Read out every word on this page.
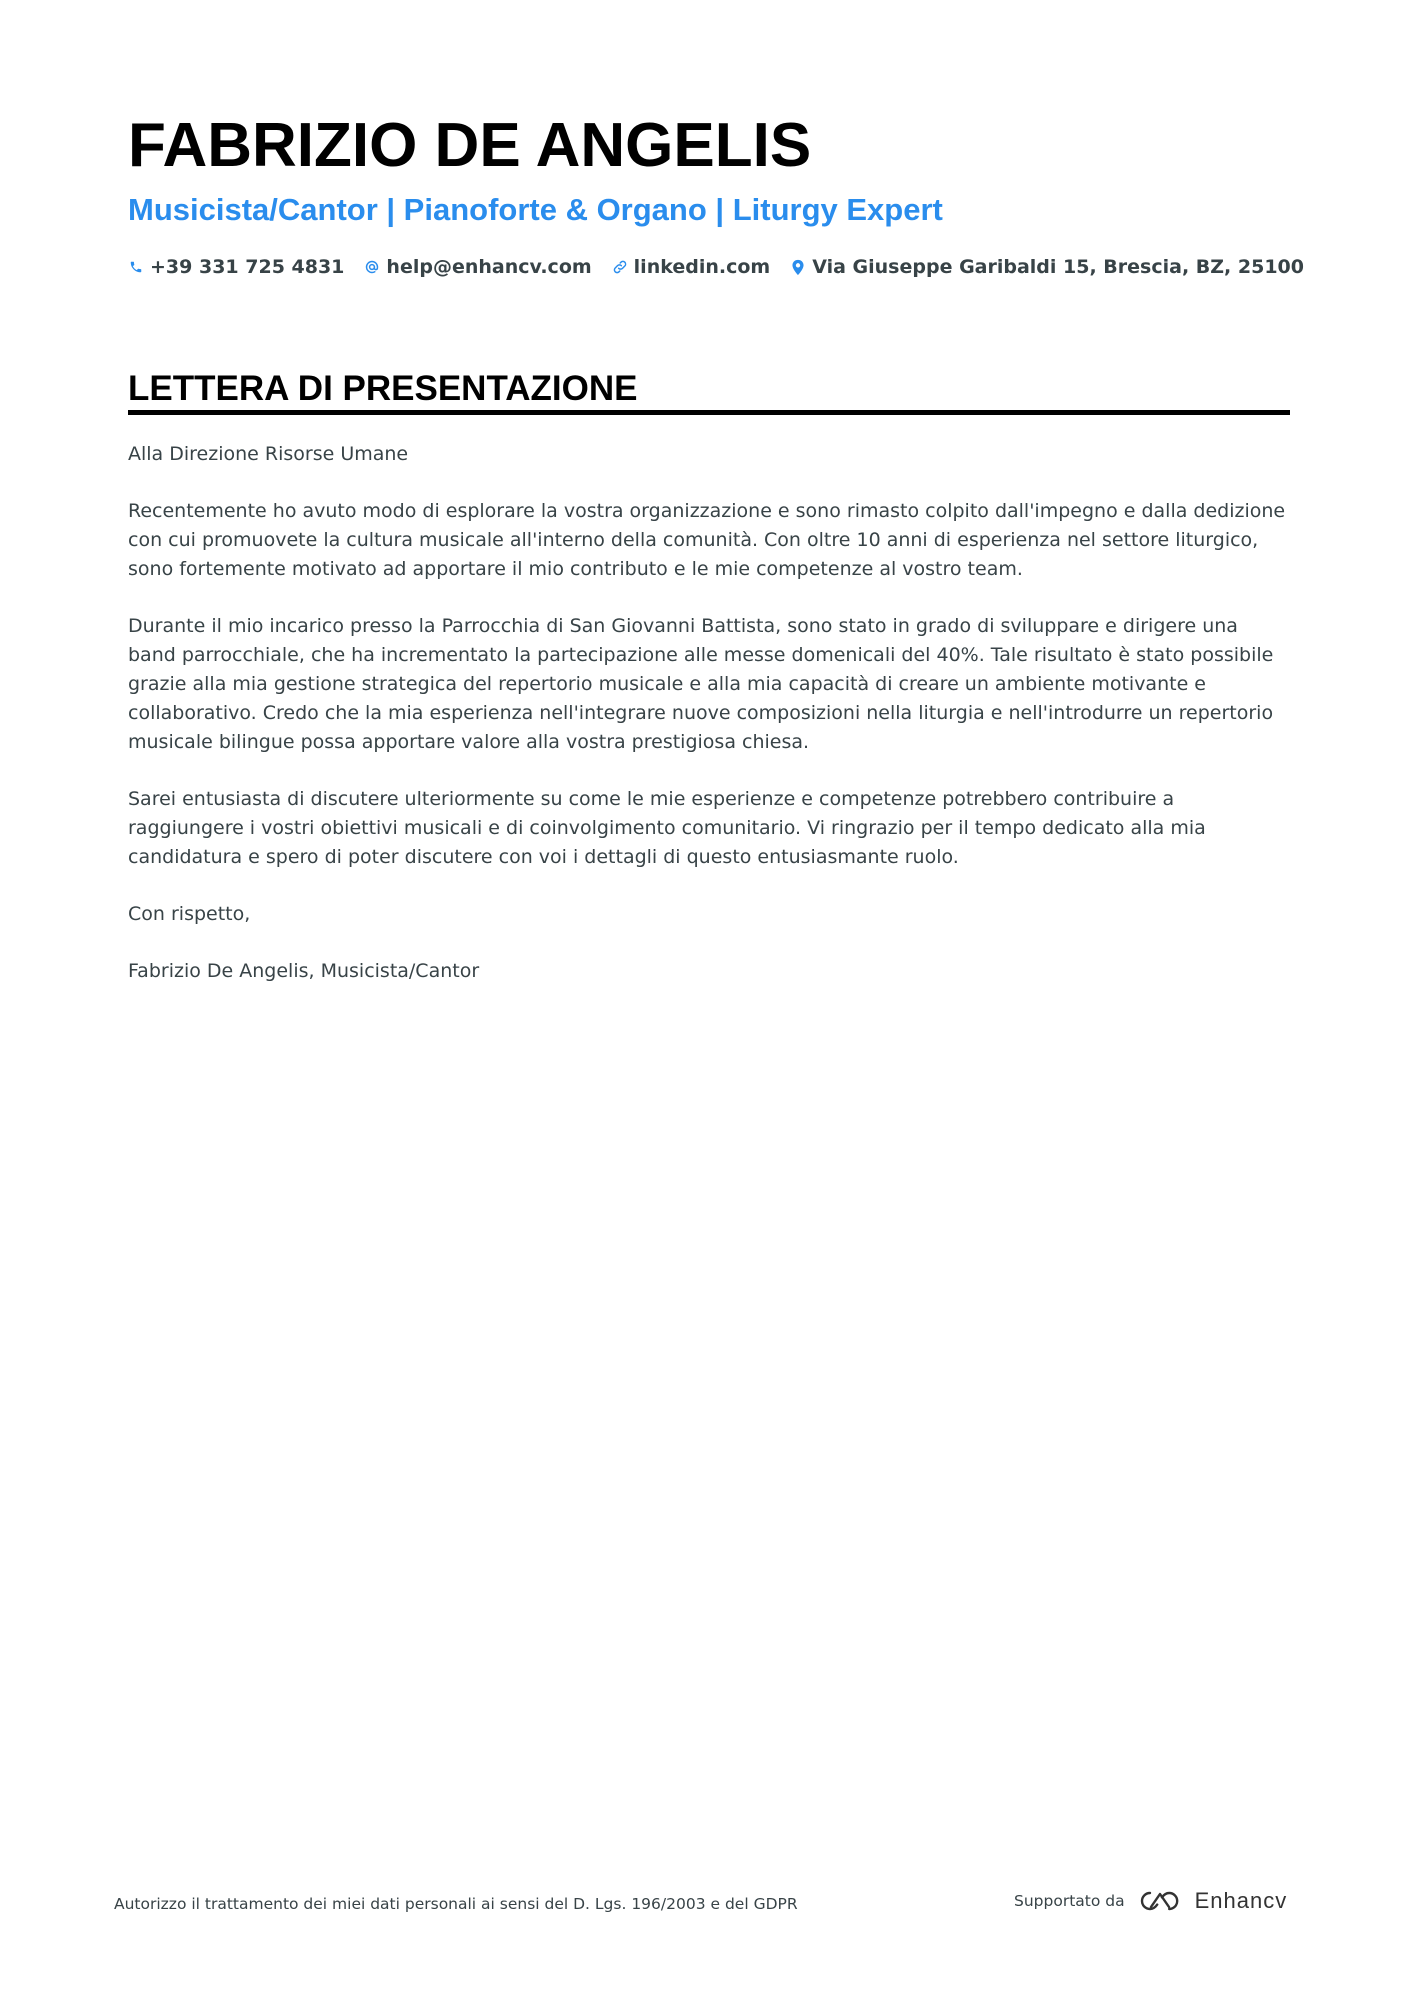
FABRIZIO DE ANGELIS
Musicista/Cantor | Pianoforte & Organo | Liturgy Expert
+39 331 725 4831 help@enhancv.com linkedin.com Via Giuseppe Garibaldi 15, Brescia, BZ, 25100
LETTERA DI PRESENTAZIONE

Alla Direzione Risorse Umane

Recentemente ho avuto modo di esplorare la vostra organizzazione e sono rimasto colpito dall'impegno e dalla dedizione con cui promuovete la cultura musicale all'interno della comunità. Con oltre 10 anni di esperienza nel settore liturgico, sono fortemente motivato ad apportare il mio contributo e le mie competenze al vostro team.

Durante il mio incarico presso la Parrocchia di San Giovanni Battista, sono stato in grado di sviluppare e dirigere una band parrocchiale, che ha incrementato la partecipazione alle messe domenicali del 40%. Tale risultato è stato possibile grazie alla mia gestione strategica del repertorio musicale e alla mia capacità di creare un ambiente motivante e collaborativo. Credo che la mia esperienza nell'integrare nuove composizioni nella liturgia e nell'introdurre un repertorio musicale bilingue possa apportare valore alla vostra prestigiosa chiesa.

Sarei entusiasta di discutere ulteriormente su come le mie esperienze e competenze potrebbero contribuire a raggiungere i vostri obiettivi musicali e di coinvolgimento comunitario. Vi ringrazio per il tempo dedicato alla mia candidatura e spero di poter discutere con voi i dettagli di questo entusiasmante ruolo.

Con rispetto,

Fabrizio De Angelis, Musicista/Cantor

Autorizzo il trattamento dei miei dati personali ai sensi del D. Lgs. 196/2003 e del GDPR	Supportato da	Enhancv
